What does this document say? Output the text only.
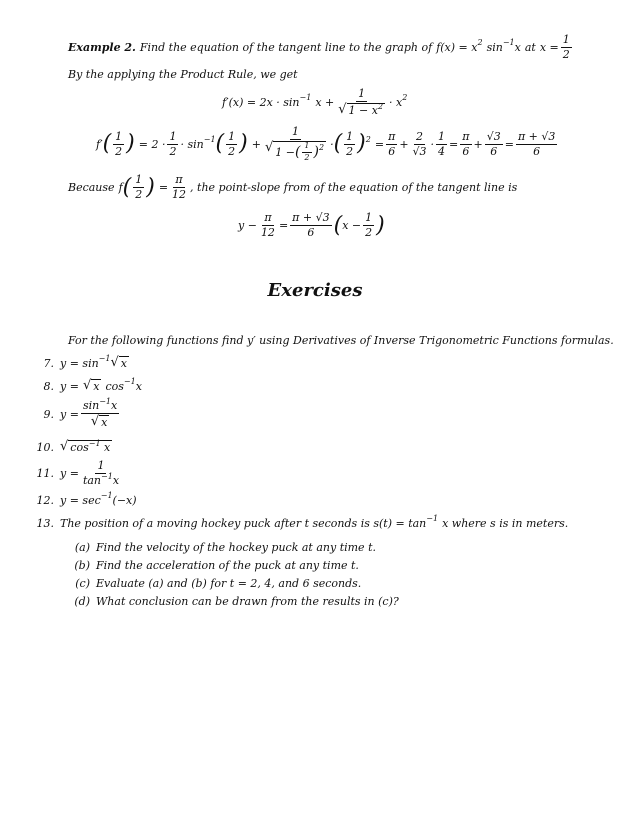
Example 2. Find the equation of the tangent line to the graph of f(x) = x 2 sin −1 x at $x = \frac{1}{2}$
By the applying the Product Rule, we get
f′(x) = 2x · sin −1 $x + \frac{1}{√ 1 - x^2} \cdot x$ 2
f′ ( $\frac{1}{2}$ ) = $2 \cdot \frac{1}{2} \cdot \sin -1$ ( $\frac{1}{2}$ ) + $\frac{1}{√ 1 - ( \frac{1}{2} ) 2}$ · ( $\frac{1}{2}$ ) $2 = \frac{\pi}{6} + \frac{2}{√3} \cdot \frac{1}{4} = \frac{\pi}{6} + \frac{√3}{6} = \frac{\pi + √3}{6}$
Because f ( $\frac{1}{2}$ ) = $\frac{\pi}{12}$ , the point-slope from of the equation of the tangent line is
$y - \frac{\pi}{12} = \frac{\pi + √3}{6}$ ( $x - \frac{1}{2}$ )
Exercises
For the following functions find y′ using Derivatives of Inverse Trigonometric Functions formulas.
7. y = sin −1 √ x
8. y = √ x cos −1 x
9. $y = \frac{\sin^{-1}x}{√ x}$
10. √ $\cos^{-1} x$
11. $y = \frac{1}{\tan^{-1}x}$
12. y = sec −1 (−x)
13. The position of a moving hockey puck after t seconds is s(t) = tan −1 x where s is in meters.
(a) Find the velocity of the hockey puck at any time t.
(b) Find the acceleration of the puck at any time t.
(c) Evaluate (a) and (b) for t = 2, 4, and 6 seconds.
(d) What conclusion can be drawn from the results in (c)?
